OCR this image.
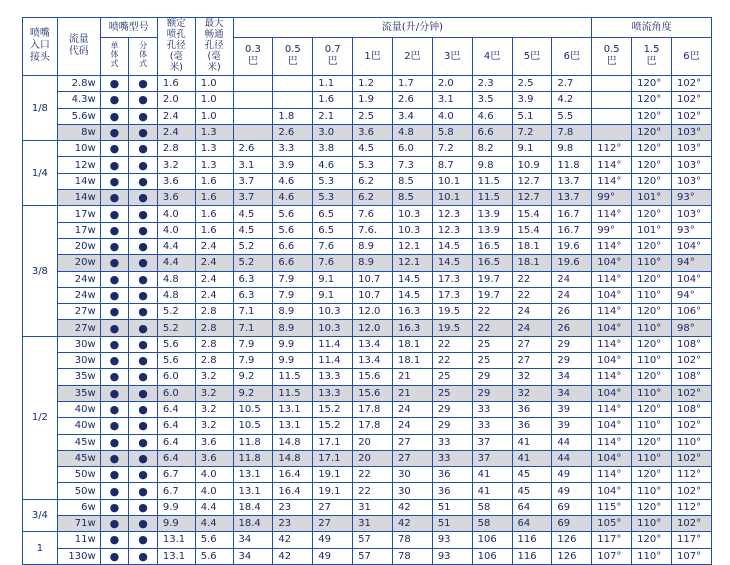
喷嘴入口接头	流量代码	喷嘴型号		额定喷孔孔径(毫米)	最大畅通孔径(毫米)	流量(升/分钟)									喷流角度		
		单体式	分体式			0.3巴	0.5巴	0.7巴	1巴	2巴	3巴	4巴	5巴	6巴	0.5巴	1.5巴	6巴
1/8	2.8w	●	●	1.6	1.0			1.1	1.2	1.7	2.0	2.3	2.5	2.7		120°	102°
	4.3w	●	●	2.0	1.0			1.6	1.9	2.6	3.1	3.5	3.9	4.2		120°	102°
	5.6w	●	●	2.4	1.0		1.8	2.1	2.5	3.4	4.0	4.6	5.1	5.5		120°	102°
	8w	●	●	2.4	1.3		2.6	3.0	3.6	4.8	5.8	6.6	7.2	7.8		120°	103°
1/4	10w	●	●	2.8	1.3	2.6	3.3	3.8	4.5	6.0	7.2	8.2	9.1	9.8	112°	120°	103°
	12w	●	●	3.2	1.3	3.1	3.9	4.6	5.3	7.3	8.7	9.8	10.9	11.8	114°	120°	103°
	14w	●	●	3.6	1.6	3.7	4.6	5.3	6.2	8.5	10.1	11.5	12.7	13.7	114°	120°	103°
	14w	●	●	3.6	1.6	3.7	4.6	5.3	6.2	8.5	10.1	11.5	12.7	13.7	99°	101°	93°
3/8	17w	●	●	4.0	1.6	4.5	5.6	6.5	7.6	10.3	12.3	13.9	15.4	16.7	114°	120°	103°
	17w	●	●	4.0	1.6	4.5	5.6	6.5	7.6.	10.3	12.3	13.9	15.4	16.7	99°	101°	93°
	20w	●	●	4.4	2.4	5.2	6.6	7.6	8.9	12.1	14.5	16.5	18.1	19.6	114°	120°	104°
	20w	●	●	4.4	2.4	5.2	6.6	7.6	8.9	12.1	14.5	16.5	18.1	19.6	104°	110°	94°
	24w	●	●	4.8	2.4	6.3	7.9	9.1	10.7	14.5	17.3	19.7	22	24	114°	120°	104°
	24w	●	●	4.8	2.4	6.3	7.9	9.1	10.7	14.5	17.3	19.7	22	24	104°	110°	94°
	27w	●	●	5.2	2.8	7.1	8.9	10.3	12.0	16.3	19.5	22	24	26	114°	120°	106°
	27w	●	●	5.2	2.8	7.1	8.9	10.3	12.0	16.3	19.5	22	24	26	104°	110°	98°
1/2	30w	●	●	5.6	2.8	7.9	9.9	11.4	13.4	18.1	22	25	27	29	114°	120°	108°
	30w	●	●	5.6	2.8	7.9	9.9	11.4	13.4	18.1	22	25	27	29	104°	110°	102°
	35w	●	●	6.0	3.2	9.2	11.5	13.3	15.6	21	25	29	32	34	114°	120°	108°
	35w	●	●	6.0	3.2	9.2	11.5	13.3	15.6	21	25	29	32	34	104°	110°	102°
	40w	●	●	6.4	3.2	10.5	13.1	15.2	17.8	24	29	33	36	39	114°	120°	108°
	40w	●	●	6.4	3.2	10.5	13.1	15.2	17.8	24	29	33	36	39	104°	110°	102°
	45w	●	●	6.4	3.6	11.8	14.8	17.1	20	27	33	37	41	44	114°	120°	110°
	45w	●	●	6.4	3.6	11.8	14.8	17.1	20	27	33	37	41	44	104°	110°	102°
	50w	●	●	6.7	4.0	13.1	16.4	19.1	22	30	36	41	45	49	114°	120°	112°
	50w	●	●	6.7	4.0	13.1	16.4	19.1	22	30	36	41	45	49	104°	110°	102°
3/4	6w	●	●	9.9	4.4	18.4	23	27	31	42	51	58	64	69	115°	120°	112°
	71w	●	●	9.9	4.4	18.4	23	27	31	42	51	58	64	69	105°	110°	102°
1	11w	●	●	13.1	5.6	34	42	49	57	78	93	106	116	126	117°	120°	117°
	130w	●	●	13.1	5.6	34	42	49	57	78	93	106	116	126	107°	110°	107°
